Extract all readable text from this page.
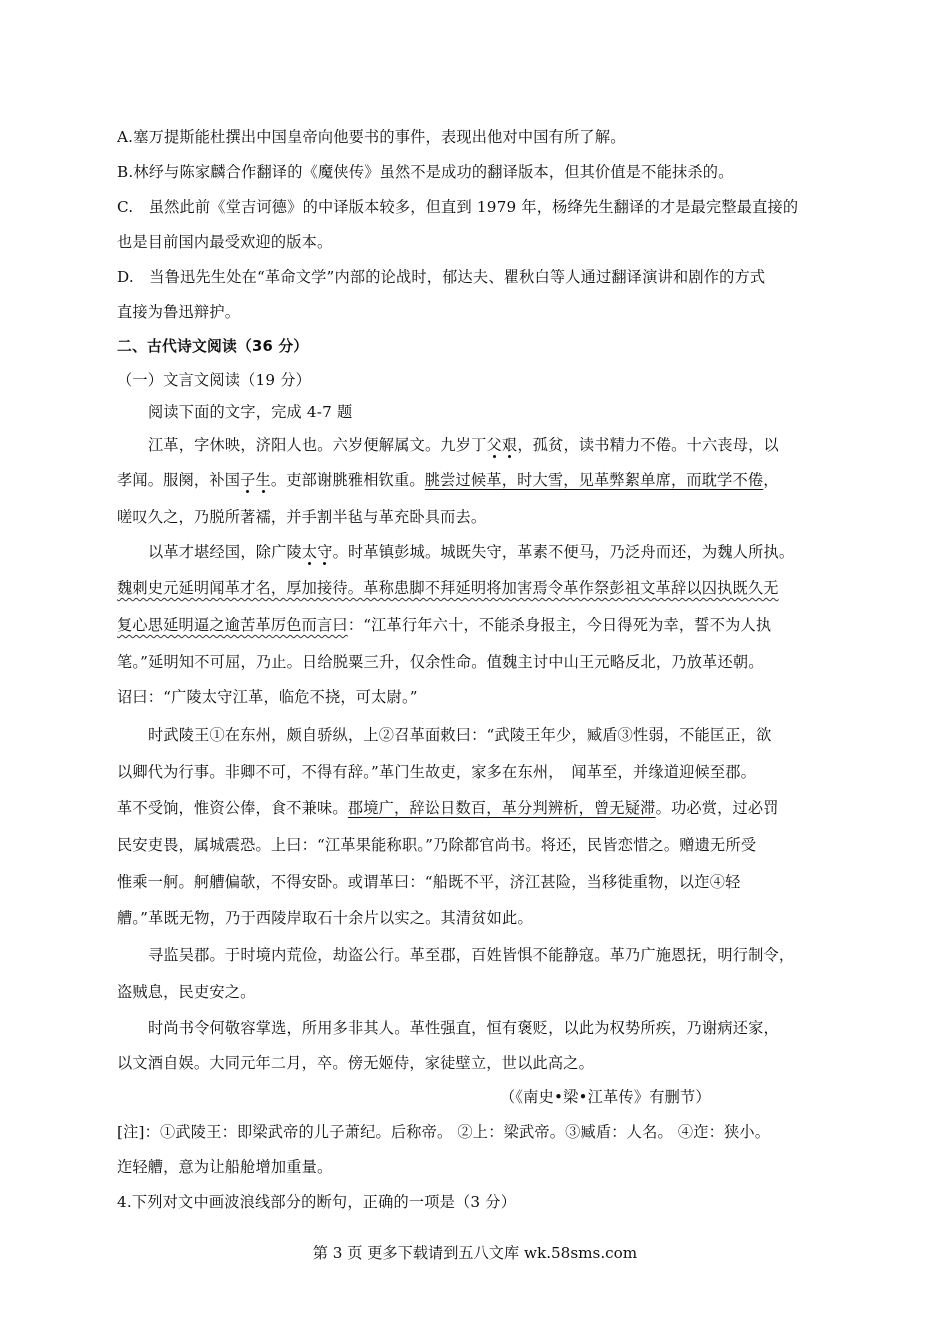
A.塞万提斯能杜撰出中国皇帝向他要书的事件，表现出他对中国有所了解。
B.林纾与陈家麟合作翻译的《魔侠传》虽然不是成功的翻译版本，但其价值是不能抹杀的。
C.　虽然此前《堂吉诃德》的中译版本较多，但直到 1979 年，杨绛先生翻译的才是最完整最直接的
也是目前国内最受欢迎的版本。
D.　当鲁迅先生处在“革命文学”内部的论战时，郁达夫、瞿秋白等人通过翻译演讲和剧作的方式
直接为鲁迅辩护。
二、古代诗文阅读（36 分）
（一）文言文阅读（19 分）
阅读下面的文字，完成 4-7 题
江革，字休映，济阳人也。六岁便解属文。九岁丁父艰，孤贫，读书精力不倦。十六丧母，以
孝闻。服阕，补国子生。吏部谢朓雅相钦重。朓尝过候革，时大雪，见革弊絮单席，而耽学不倦，
嗟叹久之，乃脱所著襦，并手割半毡与革充卧具而去。
以革才堪经国，除广陵太守。时革镇彭城。城既失守，革素不便马，乃泛舟而还，为魏人所执。
魏刺史元延明闻革才名，厚加接待。革称患脚不拜延明将加害焉令革作祭彭祖文革辞以囚执既久无
复心思延明逼之逾苦革厉色而言曰：“江革行年六十，不能杀身报主，今日得死为幸，誓不为人执
笔。”延明知不可屈，乃止。日给脱粟三升，仅余性命。值魏主讨中山王元略反北，乃放革还朝。
诏曰：“广陵太守江革，临危不挠，可太尉。”
时武陵王①在东州，颇自骄纵，上②召革面敕曰：“武陵王年少，臧盾③性弱，不能匡正，欲
以卿代为行事。非卿不可，不得有辞。”革门生故吏，家多在东州，　闻革至，并缘道迎候至郡。
革不受饷，惟资公俸，食不兼味。郡境广，辞讼日数百，革分判辨析，曾无疑滞。功必赏，过必罚
民安吏畏，属城震恐。上曰：“江革果能称职。”乃除都官尚书。将还，民皆恋惜之。赠遗无所受
惟乘一舸。舸艚偏欹，不得安卧。或谓革曰：“船既不平，济江甚险，当移徙重物，以迮④轻
艚。”革既无物，乃于西陵岸取石十余片以实之。其清贫如此。
寻监吴郡。于时境内荒俭，劫盗公行。革至郡，百姓皆惧不能静寇。革乃广施恩抚，明行制令，
盗贼息，民吏安之。
时尚书令何敬容掌选，所用多非其人。革性强直，恒有褒贬，以此为权势所疾，乃谢病还家，
以文酒自娱。大同元年二月，卒。傍无姬侍，家徒壁立，世以此高之。
（《南史•梁•江革传》有删节）
[注]：①武陵王：即梁武帝的儿子萧纪。后称帝。 ②上：梁武帝。③臧盾：人名。 ④迮：狭小。
迮轻艚，意为让船舱增加重量。
4.下列对文中画波浪线部分的断句，正确的一项是（3 分）
第 3 页 更多下载请到五八文库 wk.58sms.com
